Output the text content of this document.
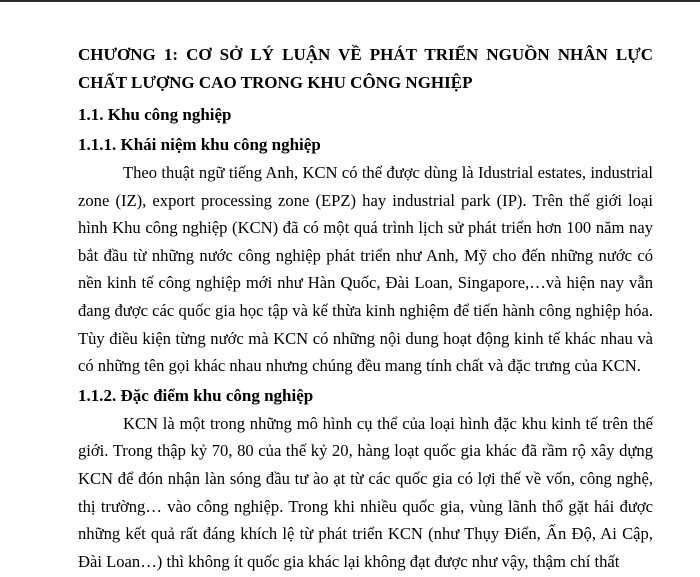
CHƯƠNG 1: CƠ SỞ LÝ LUẬN VỀ PHÁT TRIỂN NGUỒN NHÂN LỰC CHẤT LƯỢNG CAO TRONG KHU CÔNG NGHIỆP
1.1. Khu công nghiệp
1.1.1. Khái niệm khu công nghiệp

Theo thuật ngữ tiếng Anh, KCN có thể được dùng là Idustrial estates, industrial zone (IZ), export processing zone (EPZ) hay industrial park (IP). Trên thế giới loại hình Khu công nghiệp (KCN) đã có một quá trình lịch sử phát triển hơn 100 năm nay bắt đầu từ những nước công nghiệp phát triển như Anh, Mỹ cho đến những nước có nền kinh tế công nghiệp mới như Hàn Quốc, Đài Loan, Singapore,…và hiện nay vẫn đang được các quốc gia học tập và kế thừa kinh nghiệm để tiến hành công nghiệp hóa. Tùy điều kiện từng nước mà KCN có những nội dung hoạt động kinh tế khác nhau và có những tên gọi khác nhau nhưng chúng đều mang tính chất và đặc trưng của KCN.

1.1.2. Đặc điểm khu công nghiệp

KCN là một trong những mô hình cụ thể của loại hình đặc khu kinh tế trên thế giới. Trong thập kỷ 70, 80 của thế kỷ 20, hàng loạt quốc gia khác đã rầm rộ xây dựng KCN để đón nhận làn sóng đầu tư ào ạt từ các quốc gia có lợi thế về vốn, công nghệ, thị trường… vào công nghiệp. Trong khi nhiều quốc gia, vùng lãnh thổ gặt hái được những kết quả rất đáng khích lệ từ phát triển KCN (như Thụy Điển, Ấn Độ, Ai Cập, Đài Loan…) thì không ít quốc gia khác lại không đạt được như vậy, thậm chí thất
